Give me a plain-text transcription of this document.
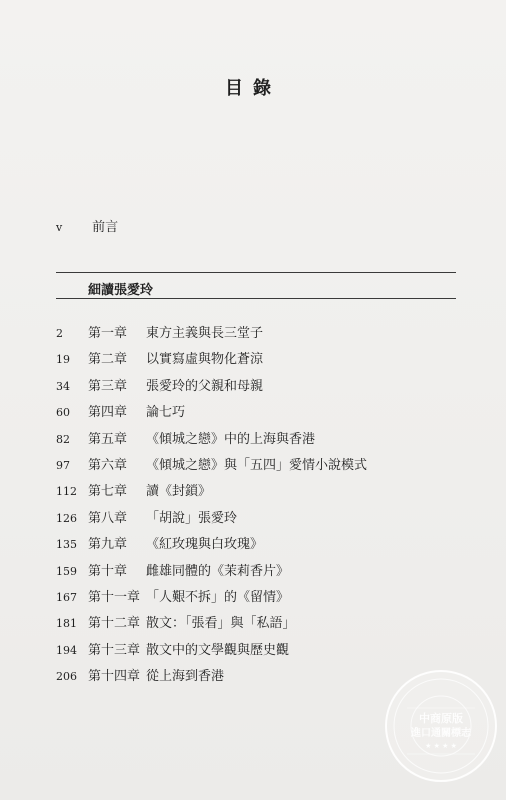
目錄
v 前言
細讀張愛玲
2 第一章 東方主義與長三堂子
19 第二章 以實寫虛與物化蒼涼
34 第三章 張愛玲的父親和母親
60 第四章 論七巧
82 第五章 《傾城之戀》中的上海與香港
97 第六章 《傾城之戀》與「五四」愛情小說模式
112 第七章 讀《封鎖》
126 第八章 「胡說」張愛玲
135 第九章 《紅玫瑰與白玫瑰》
159 第十章 雌雄同體的《茉莉香片》
167 第十一章 「人艱不拆」的《留情》
181 第十二章 散文：「張看」與「私語」
194 第十三章 散文中的文學觀與歷史觀
206 第十四章 從上海到香港
中商原版
進口通關標志
★ ★ ★ ★
